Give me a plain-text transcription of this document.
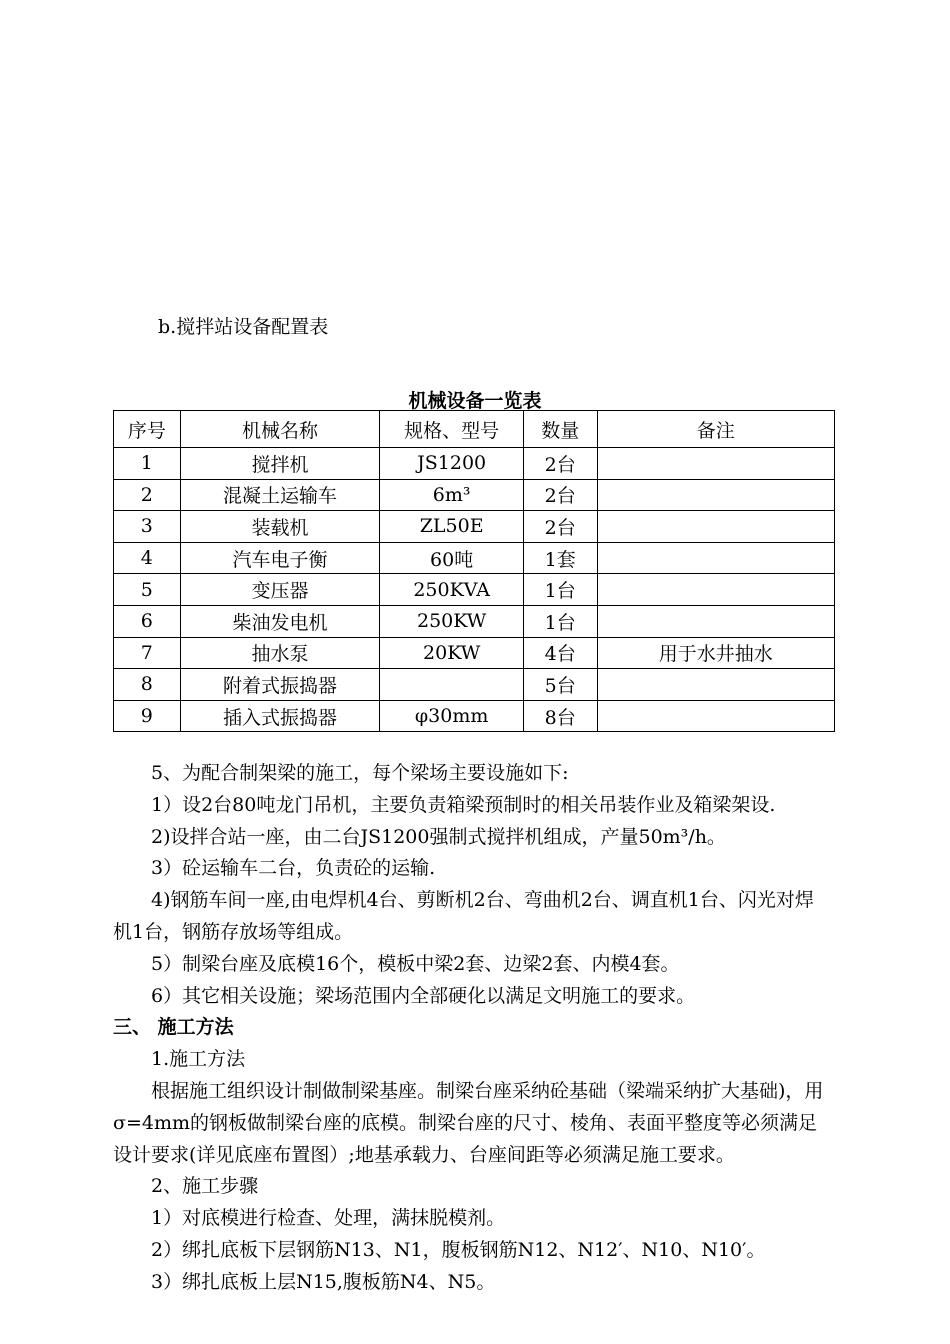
b.搅拌站设备配置表
机械设备一览表
序号	机械名称	规格、型号	数量	备注
1	搅拌机	JS1200	2台	
2	混凝土运输车	6m³	2台	
3	装载机	ZL50E	2台	
4	汽车电子衡	60吨	1套	
5	变压器	250KVA	1台	
6	柴油发电机	250KW	1台	
7	抽水泵	20KW	4台	用于水井抽水
8	附着式振捣器		5台	
9	插入式振捣器	φ30mm	8台	

5、为配合制架梁的施工，每个梁场主要设施如下:

1）设2台80吨龙门吊机，主要负责箱梁预制时的相关吊装作业及箱梁架设.

2)设拌合站一座，由二台JS1200强制式搅拌机组成，产量50m³/h。

3）砼运输车二台，负责砼的运输.

4)钢筋车间一座,由电焊机4台、剪断机2台、弯曲机2台、调直机1台、闪光对焊机1台，钢筋存放场等组成。

5）制梁台座及底模16个，模板中梁2套、边梁2套、内模4套。

6）其它相关设施；梁场范围内全部硬化以满足文明施工的要求。

三、 施工方法

1.施工方法

根据施工组织设计制做制梁基座。制梁台座采纳砼基础（梁端采纳扩大基础)，用σ=4mm的钢板做制梁台座的底模。制梁台座的尺寸、棱角、表面平整度等必须满足设计要求(详见底座布置图）;地基承载力、台座间距等必须满足施工要求。

2、施工步骤

1）对底模进行检查、处理，满抹脱模剂。

2）绑扎底板下层钢筋N13、N1，腹板钢筋N12、N12′、N10、N10′。

3）绑扎底板上层N15,腹板筋N4、N5。
